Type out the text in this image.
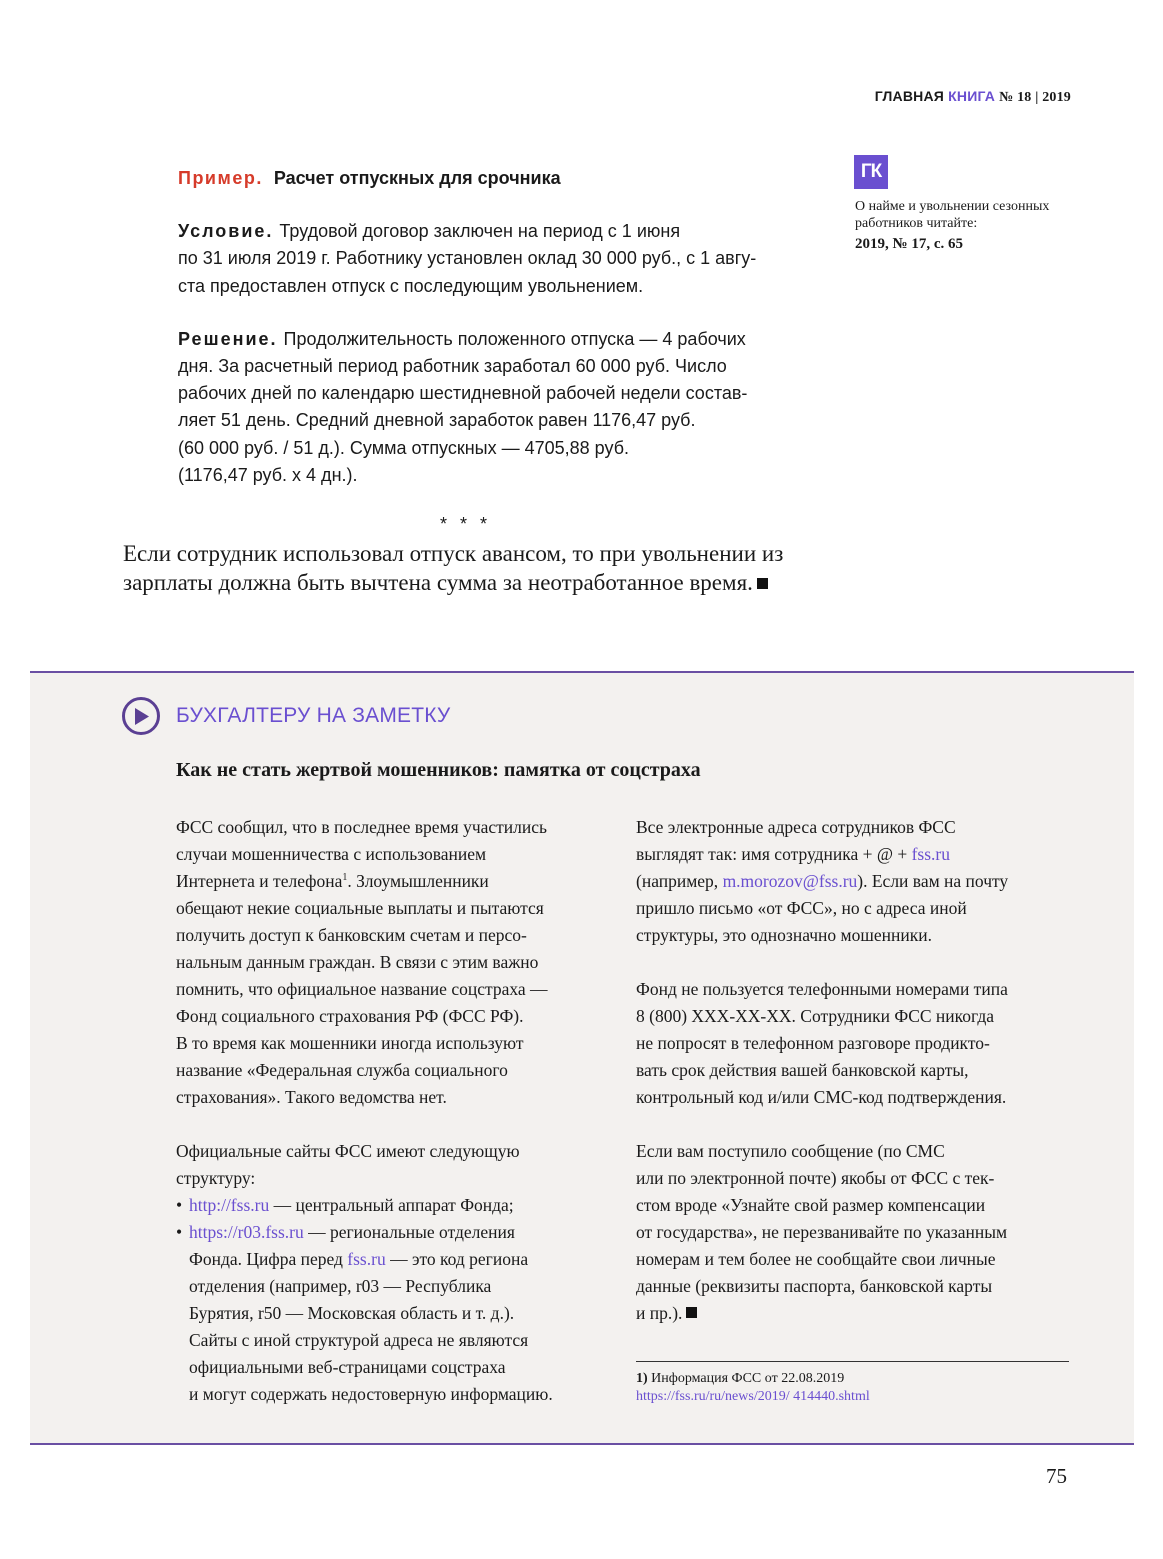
ГЛАВНАЯ КНИГА № 18 | 2019
Пример. Расчет отпускных для срочника
Условие. Трудовой договор заключен на период с 1 июня
по 31 июля 2019 г. Работнику установлен оклад 30 000 руб., с 1 авгу-
ста предоставлен отпуск с последующим увольнением.
Решение. Продолжительность положенного отпуска — 4 рабочих
дня. За расчетный период работник заработал 60 000 руб. Число
рабочих дней по календарю шестидневной рабочей недели состав-
ляет 51 день. Средний дневной заработок равен 1176,47 руб.
(60 000 руб. / 51 д.). Сумма отпускных — 4705,88 руб.
(1176,47 руб. х 4 дн.).
ГК
О найме и увольнении сезонных работников читайте:
2019, № 17, с. 65
* * *
Если сотрудник использовал отпуск авансом, то при увольнении из зарплаты должна быть вычтена сумма за неотработанное время.
БУХГАЛТЕРУ НА ЗАМЕТКУ
Как не стать жертвой мошенников: памятка от соцстраха

ФСС сообщил, что в последнее время участились
случаи мошенничества с использованием
Интернета и телефона$^1$. Злоумышленники
обещают некие социальные выплаты и пытаются
получить доступ к банковским счетам и персо-
нальным данным граждан. В связи с этим важно
помнить, что официальное название соцстраха —
Фонд социального страхования РФ (ФСС РФ).
В то время как мошенники иногда используют
название «Федеральная служба социального
страхования». Такого ведомства нет.

Официальные сайты ФСС имеют следующую
структуру:
• http://fss.ru — центральный аппарат Фонда;
• https://r03.fss.ru — региональные отделения
Фонда. Цифра перед fss.ru — это код региона
отделения (например, r03 — Республика
Бурятия, r50 — Московская область и т. д.).
Сайты с иной структурой адреса не являются
официальными веб-страницами соцстраха
и могут содержать недостоверную информацию.

Все электронные адреса сотрудников ФСС
выглядят так: имя сотрудника + @ + fss.ru
(например, m.morozov@fss.ru). Если вам на почту
пришло письмо «от ФСС», но с адреса иной
структуры, это однозначно мошенники.

Фонд не пользуется телефонными номерами типа
8 (800) ХХХ-ХХ-ХХ. Сотрудники ФСС никогда
не попросят в телефонном разговоре продикто-
вать срок действия вашей банковской карты,
контрольный код и/или СМС-код подтверждения.

Если вам поступило сообщение (по СМС
или по электронной почте) якобы от ФСС с тек-
стом вроде «Узнайте свой размер компенсации
от государства», не перезванивайте по указанным
номерам и тем более не сообщайте свои личные
данные (реквизиты паспорта, банковской карты
и пр.).

1) Информация ФСС от 22.08.2019
https://fss.ru/ru/news/2019/ 414440.shtml
75
